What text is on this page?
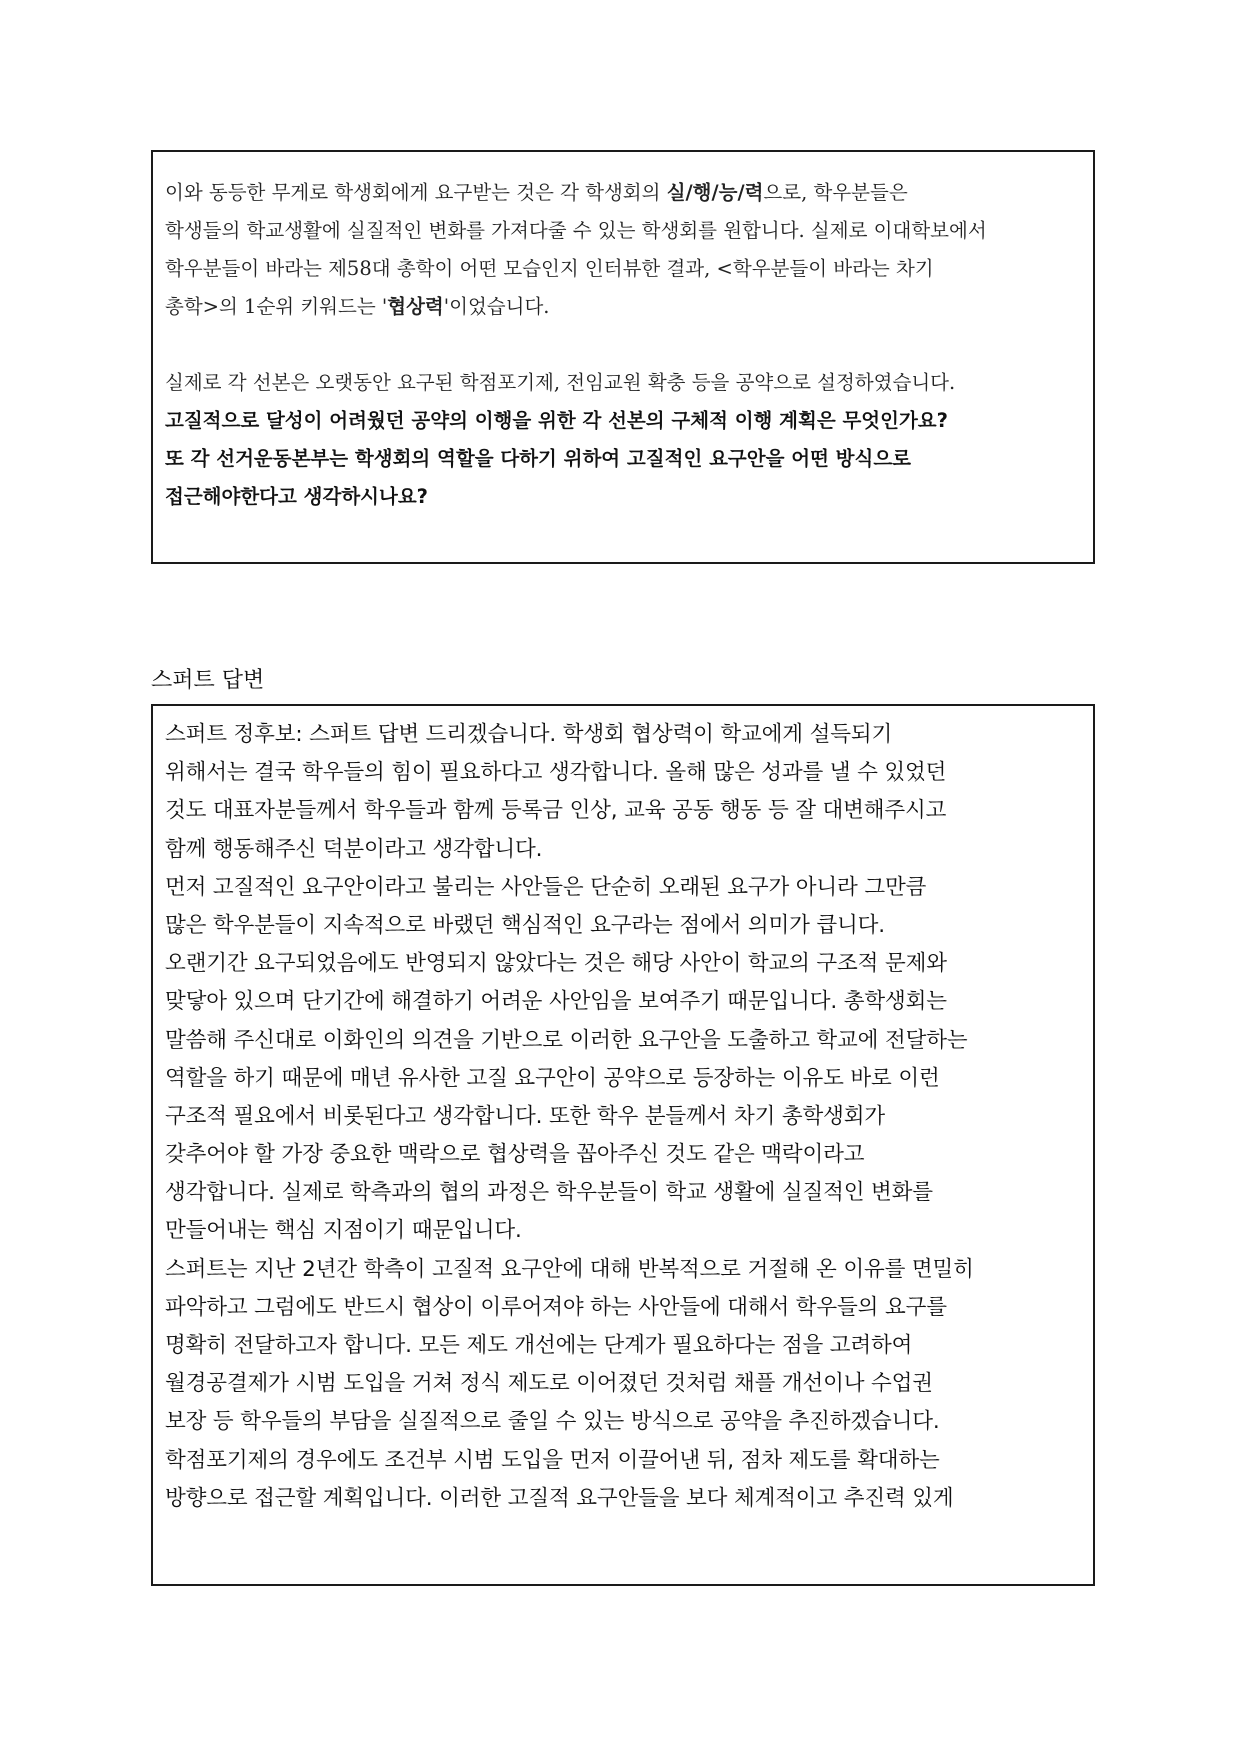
이와 동등한 무게로 학생회에게 요구받는 것은 각 학생회의 실/행/능/력으로, 학우분들은
학생들의 학교생활에 실질적인 변화를 가져다줄 수 있는 학생회를 원합니다. 실제로 이대학보에서
학우분들이 바라는 제58대 총학이 어떤 모습인지 인터뷰한 결과, <학우분들이 바라는 차기
총학>의 1순위 키워드는 '협상력'이었습니다.
실제로 각 선본은 오랫동안 요구된 학점포기제, 전임교원 확충 등을 공약으로 설정하였습니다.
고질적으로 달성이 어려웠던 공약의 이행을 위한 각 선본의 구체적 이행 계획은 무엇인가요?
또 각 선거운동본부는 학생회의 역할을 다하기 위하여 고질적인 요구안을 어떤 방식으로
접근해야한다고 생각하시나요?
스퍼트 답변
스퍼트 정후보: 스퍼트 답변 드리겠습니다. 학생회 협상력이 학교에게 설득되기
위해서는 결국 학우들의 힘이 필요하다고 생각합니다. 올해 많은 성과를 낼 수 있었던
것도 대표자분들께서 학우들과 함께 등록금 인상, 교육 공동 행동 등 잘 대변해주시고
함께 행동해주신 덕분이라고 생각합니다.
먼저 고질적인 요구안이라고 불리는 사안들은 단순히 오래된 요구가 아니라 그만큼
많은 학우분들이 지속적으로 바랬던 핵심적인 요구라는 점에서 의미가 큽니다.
오랜기간 요구되었음에도 반영되지 않았다는 것은 해당 사안이 학교의 구조적 문제와
맞닿아 있으며 단기간에 해결하기 어려운 사안임을 보여주기 때문입니다. 총학생회는
말씀해 주신대로 이화인의 의견을 기반으로 이러한 요구안을 도출하고 학교에 전달하는
역할을 하기 때문에 매년 유사한 고질 요구안이 공약으로 등장하는 이유도 바로 이런
구조적 필요에서 비롯된다고 생각합니다. 또한 학우 분들께서 차기 총학생회가
갖추어야 할 가장 중요한 맥락으로 협상력을 꼽아주신 것도 같은 맥락이라고
생각합니다. 실제로 학측과의 협의 과정은 학우분들이 학교 생활에 실질적인 변화를
만들어내는 핵심 지점이기 때문입니다.
스퍼트는 지난 2년간 학측이 고질적 요구안에 대해 반복적으로 거절해 온 이유를 면밀히
파악하고 그럼에도 반드시 협상이 이루어져야 하는 사안들에 대해서 학우들의 요구를
명확히 전달하고자 합니다. 모든 제도 개선에는 단계가 필요하다는 점을 고려하여
월경공결제가 시범 도입을 거쳐 정식 제도로 이어졌던 것처럼 채플 개선이나 수업권
보장 등 학우들의 부담을 실질적으로 줄일 수 있는 방식으로 공약을 추진하겠습니다.
학점포기제의 경우에도 조건부 시범 도입을 먼저 이끌어낸 뒤, 점차 제도를 확대하는
방향으로 접근할 계획입니다. 이러한 고질적 요구안들을 보다 체계적이고 추진력 있게
